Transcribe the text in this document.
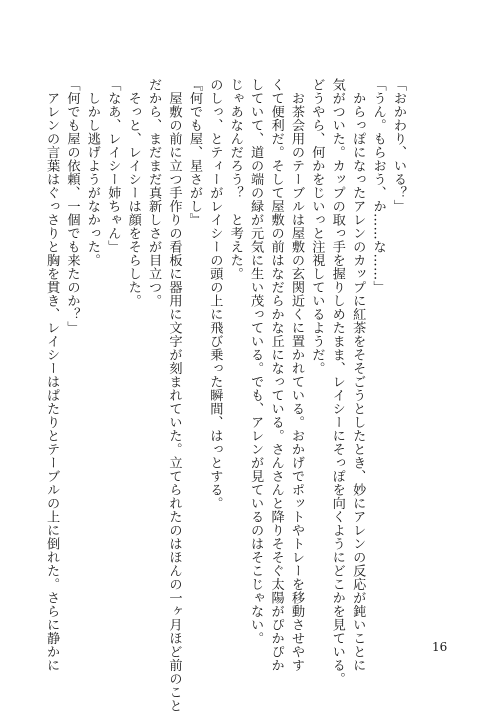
「おかわり、いる？」
「うん。もらおう、か……な……」
　からっぽになったアレンのカップに紅茶をそそごうとしたとき、妙にアレンの反応が鈍いことに
気がついた。カップの取っ手を握りしめたまま、レイシーにそっぽを向くようにどこかを見ている。
どうやら、何かをじいっと注視しているようだ。
　お茶会用のテーブルは屋敷の玄関近くに置かれている。おかげでポットやトレーを移動させやす
くて便利だ。そして屋敷の前はなだらかな丘になっている。さんさんと降りそそぐ太陽がぴかぴか
していて、道の端の緑が元気に生い茂っている。でも、アレンが見ているのはそこじゃない。
じゃあなんだろう？　と考えた。
のしっ、とティーがレイシーの頭の上に飛び乗った瞬間、はっとする。
『何でも屋、星さがし』
　屋敷の前に立つ手作りの看板に器用に文字が刻まれていた。立てられたのはほんの一ヶ月ほど前のこと
だから、まだまだ真新しさが目立つ。
　そっと、レイシーは顔をそらした。
「なあ、レイシー姉ちゃん」
　しかし逃げようがなかった。
「何でも屋の依頼、一個でも来たのか？」
　アレンの言葉はぐっさりと胸を貫き、レイシーはぱたりとテーブルの上に倒れた。さらに静かに	16
